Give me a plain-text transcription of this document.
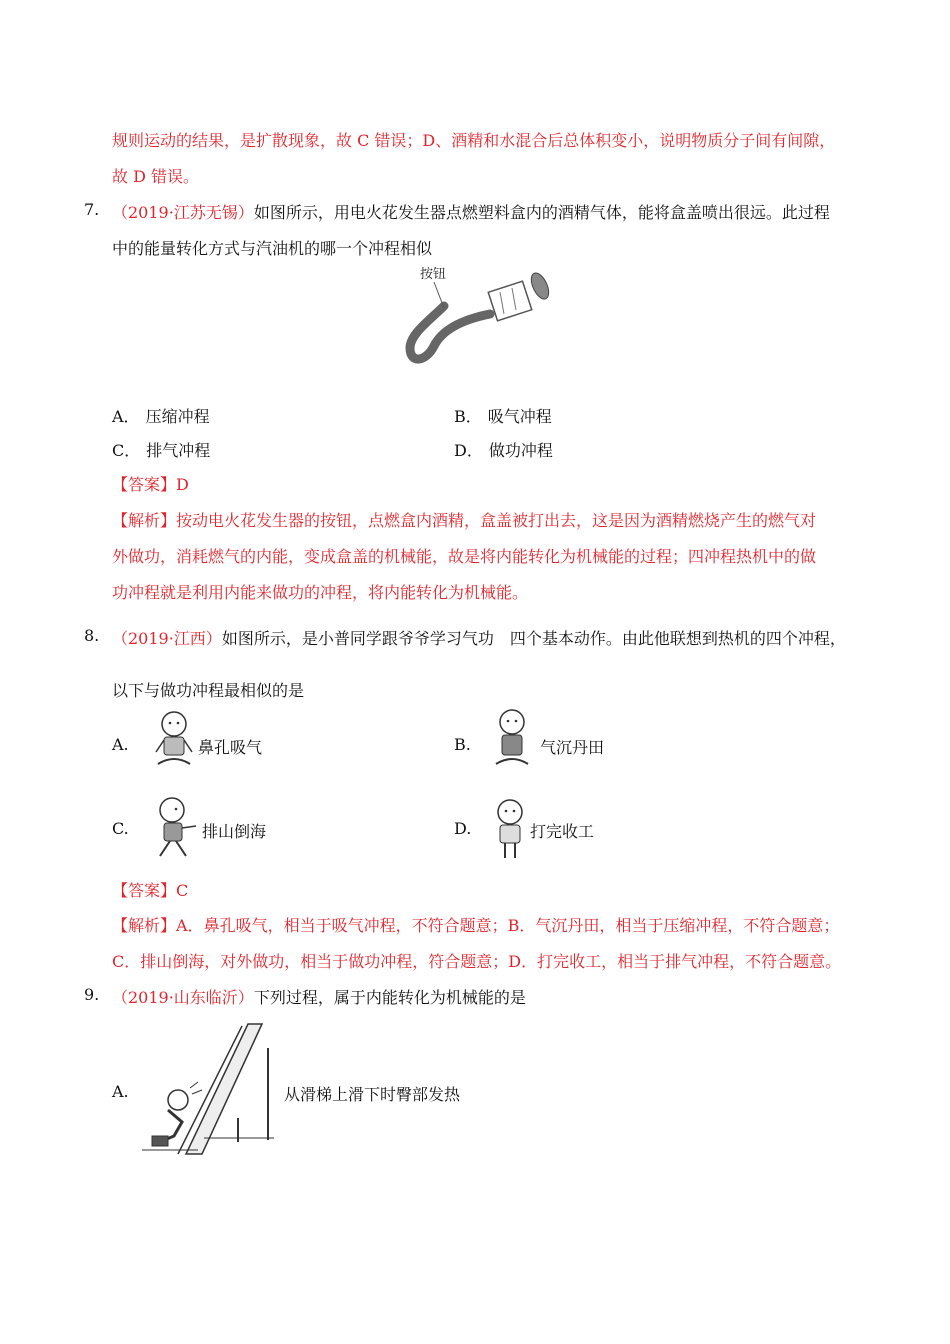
规则运动的结果，是扩散现象，故 C 错误；D、酒精和水混合后总体积变小，说明物质分子间有间隙，
故 D 错误。
7. （2019·江苏无锡）如图所示，用电火花发生器点燃塑料盒内的酒精气体，能将盒盖喷出很远。此过程
中的能量转化方式与汽油机的哪一个冲程相似
按钮
A． 压缩冲程	B． 吸气冲程
C． 排气冲程	D． 做功冲程
【答案】D
【解析】按动电火花发生器的按钮，点燃盒内酒精，盒盖被打出去，这是因为酒精燃烧产生的燃气对
外做功，消耗燃气的内能，变成盒盖的机械能，故是将内能转化为机械能的过程；四冲程热机中的做
功冲程就是利用内能来做功的冲程，将内能转化为机械能。
8. （2019·江西）如图所示，是小普同学跟爷爷学习气功　四个基本动作。由此他联想到热机的四个冲程，
以下与做功冲程最相似的是
A.	鼻孔吸气	B.	气沉丹田
C.	排山倒海	D.	打完收工
【答案】C
【解析】A．鼻孔吸气，相当于吸气冲程，不符合题意；B．气沉丹田，相当于压缩冲程，不符合题意；
C．排山倒海，对外做功，相当于做功冲程，符合题意；D．打完收工，相当于排气冲程，不符合题意。
9. （2019·山东临沂）下列过程，属于内能转化为机械能的是
A.	从滑梯上滑下时臀部发热
